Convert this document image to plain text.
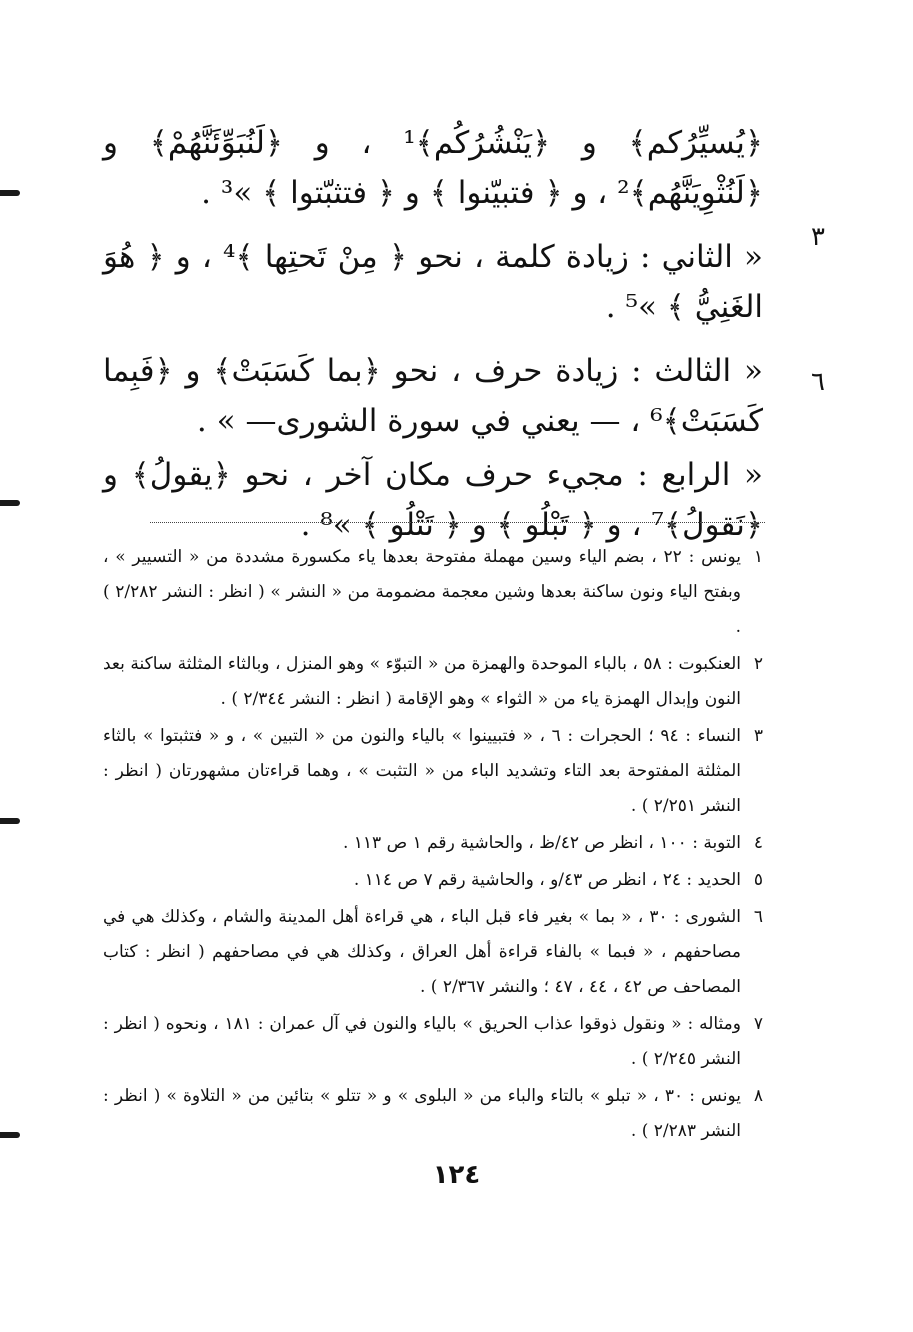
٣
٦

﴿يُسيِّرُكم﴾ و ﴿يَنْشُرُكُم﴾¹ ، و ﴿لَنُبَوِّئَنَّهُمْ﴾ و ﴿لَنُثْوِيَنَّهُم﴾² ، و ﴿ فتبيّنوا ﴾ و ﴿ فتثبّتوا ﴾ »³ .

« الثاني : زيادة كلمة ، نحو ﴿ مِنْ تَحتِها ﴾⁴ ، و ﴿ هُوَ الغَنِيُّ ﴾ »⁵ .

« الثالث : زيادة حرف ، نحو ﴿بما كَسَبَتْ﴾ و ﴿فَبِما كَسَبَتْ﴾⁶ ، — يعني في سورة الشورى— » .

« الرابع : مجيء حرف مكان آخر ، نحو ﴿يقولُ﴾ و ﴿نَقولُ﴾⁷ ، و ﴿ تَبْلُو ﴾ و ﴿ تَتْلُو ﴾ »⁸ .

١
يونس : ٢٢ ، بضم الياء وسين مهملة مفتوحة بعدها ياء مكسورة مشددة من « التسيير » ، وبفتح الياء ونون ساكنة بعدها وشين معجمة مضمومة من « النشر » ( انظر : النشر ٢/٢٨٢ ) .

٢
العنكبوت : ٥٨ ، بالباء الموحدة والهمزة من « التبوّء » وهو المنزل ، وبالثاء المثلثة ساكنة بعد النون وإبدال الهمزة ياء من « الثواء » وهو الإقامة ( انظر : النشر ٢/٣٤٤ ) .

٣
النساء : ٩٤ ؛ الحجرات : ٦ ، « فتبيينوا » بالياء والنون من « التبين » ، و « فتثبتوا » بالثاء المثلثة المفتوحة بعد التاء وتشديد الباء من « التثبت » ، وهما قراءتان مشهورتان ( انظر : النشر ٢/٢٥١ ) .

٤
التوبة : ١٠٠ ، انظر ص ٤٢/ظ ، والحاشية رقم ١ ص ١١٣ .

٥
الحديد : ٢٤ ، انظر ص ٤٣/و ، والحاشية رقم ٧ ص ١١٤ .

٦
الشورى : ٣٠ ، « بما » بغير فاء قبل الباء ، هي قراءة أهل المدينة والشام ، وكذلك هي في مصاحفهم ، « فبما » بالفاء قراءة أهل العراق ، وكذلك هي في مصاحفهم ( انظر : كتاب المصاحف ص ٤٢ ، ٤٤ ، ٤٧ ؛ والنشر ٢/٣٦٧ ) .

٧
ومثاله : « ونقول ذوقوا عذاب الحريق » بالياء والنون في آل عمران : ١٨١ ، ونحوه ( انظر : النشر ٢/٢٤٥ ) .

٨
يونس : ٣٠ ، « تبلو » بالتاء والباء من « البلوى » و « تتلو » بتائين من « التلاوة » ( انظر : النشر ٢/٢٨٣ ) .

١٢٤
